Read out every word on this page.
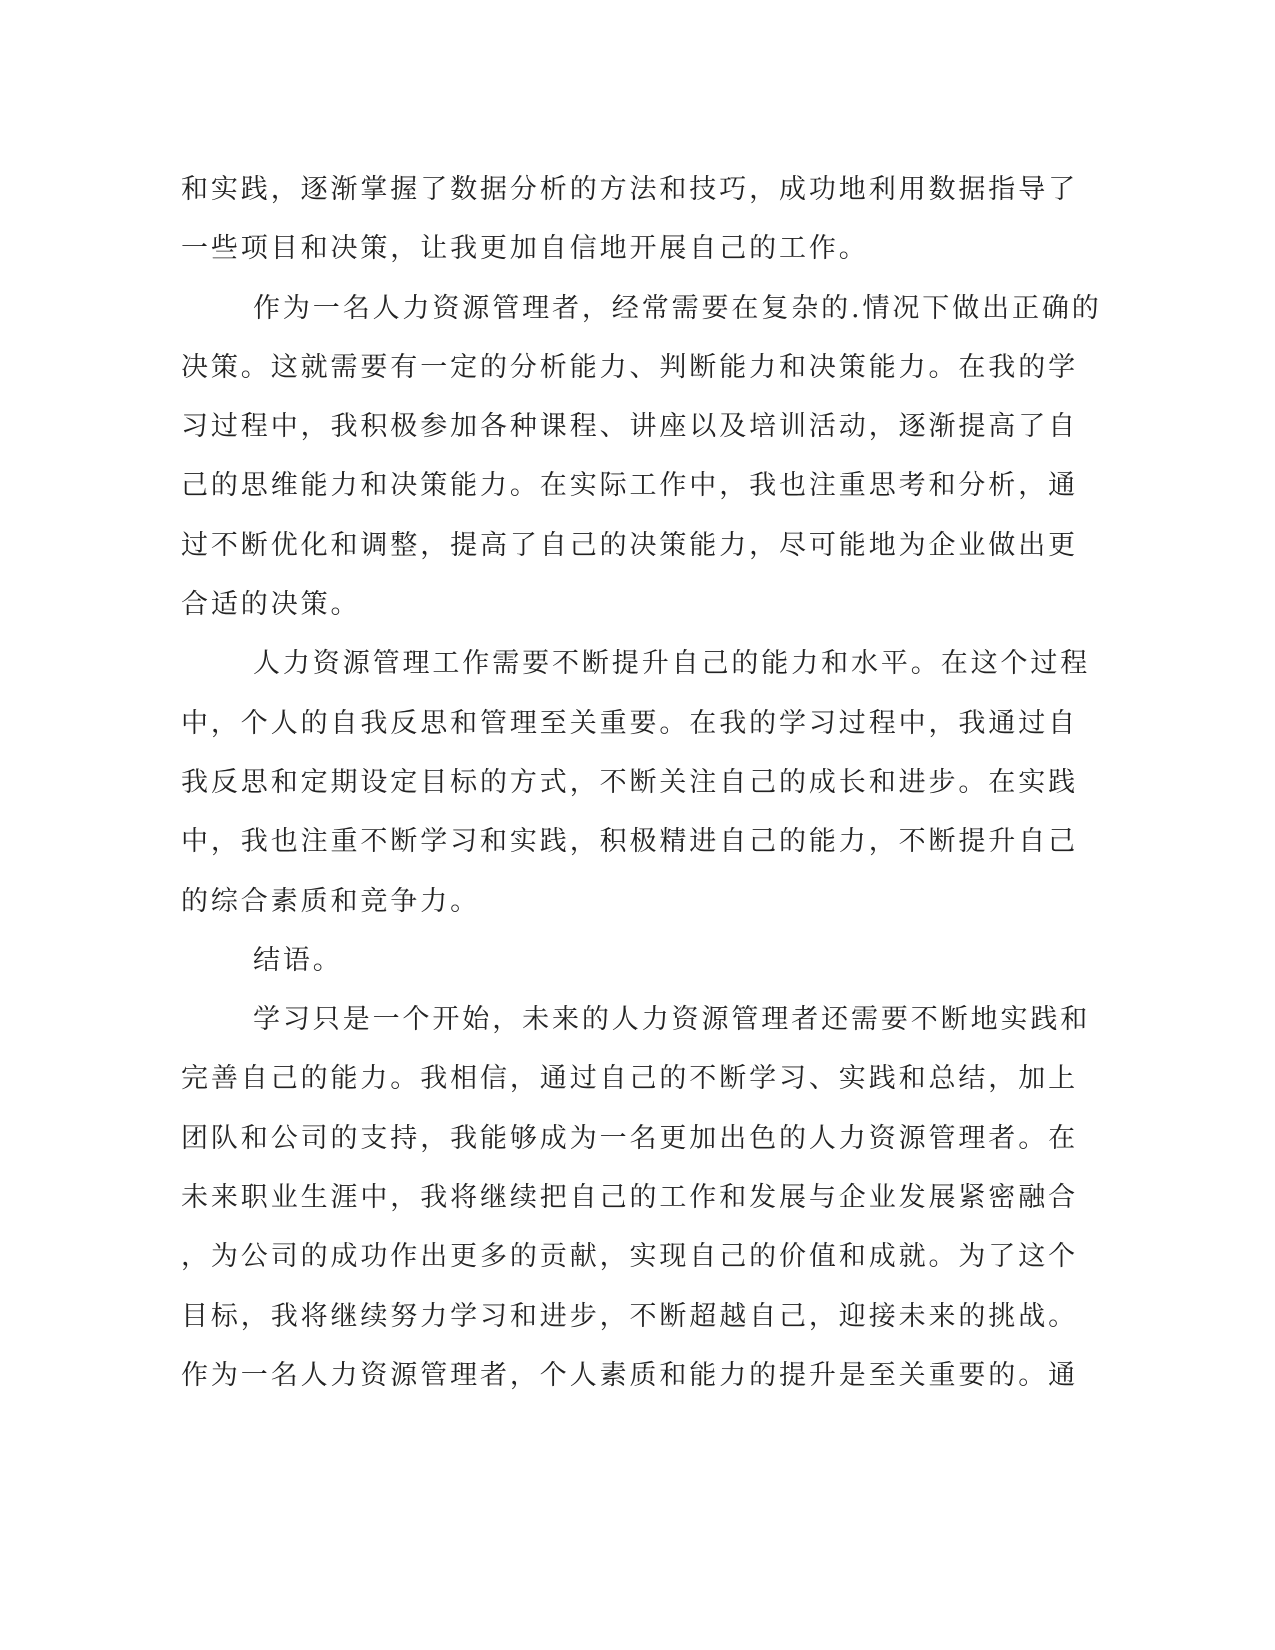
和实践，逐渐掌握了数据分析的方法和技巧，成功地利用数据指导了
一些项目和决策，让我更加自信地开展自己的工作。
作为一名人力资源管理者，经常需要在复杂的.情况下做出正确的
决策。这就需要有一定的分析能力、判断能力和决策能力。在我的学
习过程中，我积极参加各种课程、讲座以及培训活动，逐渐提高了自
己的思维能力和决策能力。在实际工作中，我也注重思考和分析，通
过不断优化和调整，提高了自己的决策能力，尽可能地为企业做出更
合适的决策。
人力资源管理工作需要不断提升自己的能力和水平。在这个过程
中，个人的自我反思和管理至关重要。在我的学习过程中，我通过自
我反思和定期设定目标的方式，不断关注自己的成长和进步。在实践
中，我也注重不断学习和实践，积极精进自己的能力，不断提升自己
的综合素质和竞争力。
结语。
学习只是一个开始，未来的人力资源管理者还需要不断地实践和
完善自己的能力。我相信，通过自己的不断学习、实践和总结，加上
团队和公司的支持，我能够成为一名更加出色的人力资源管理者。在
未来职业生涯中，我将继续把自己的工作和发展与企业发展紧密融合
，为公司的成功作出更多的贡献，实现自己的价值和成就。为了这个
目标，我将继续努力学习和进步，不断超越自己，迎接未来的挑战。
作为一名人力资源管理者，个人素质和能力的提升是至关重要的。通
